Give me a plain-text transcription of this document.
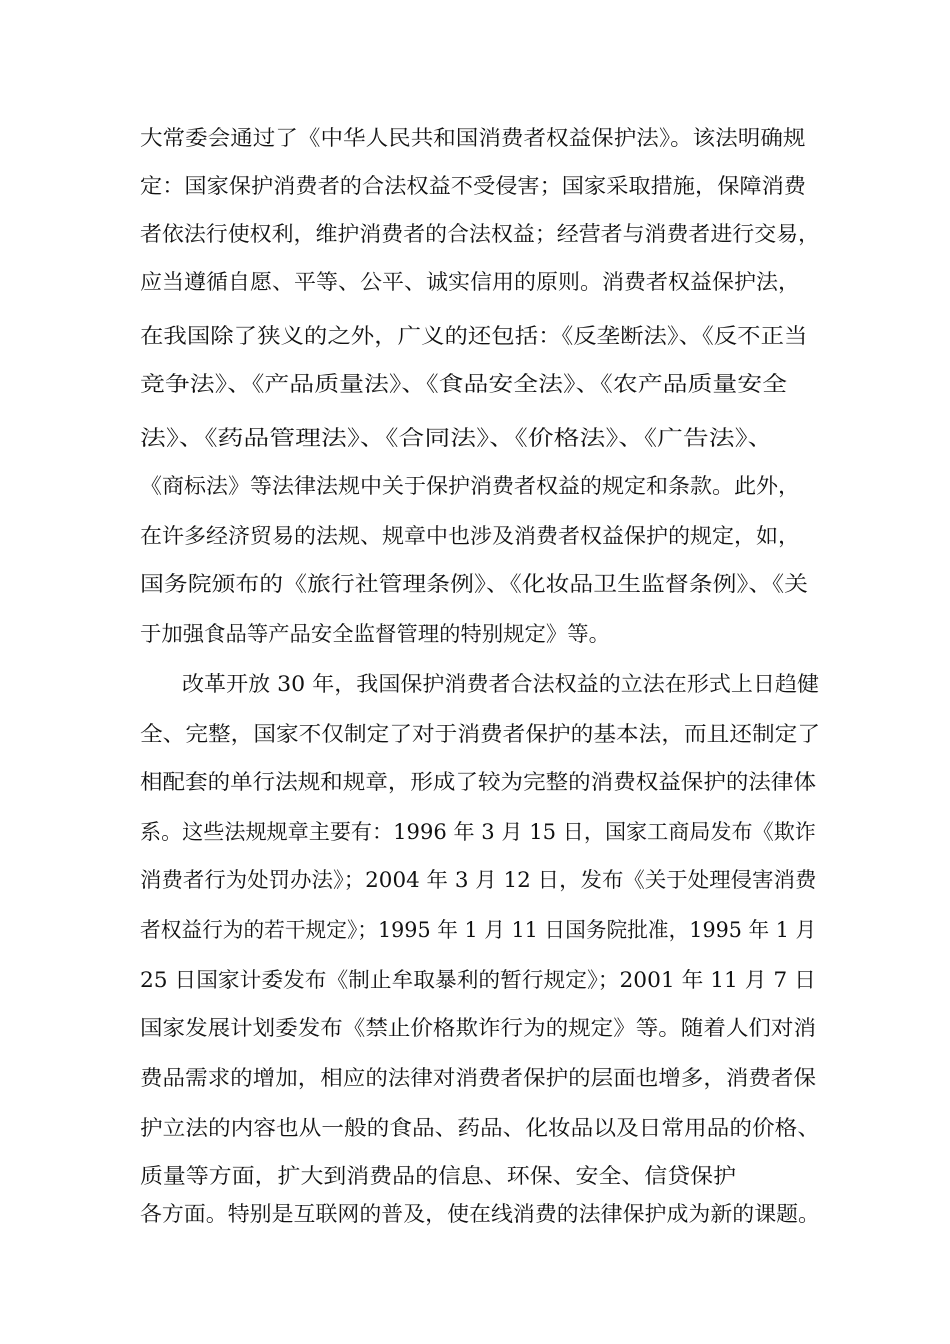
大常委会通过了《中华人民共和国消费者权益保护法》。该法明确规
定：国家保护消费者的合法权益不受侵害；国家采取措施，保障消费
者依法行使权利，维护消费者的合法权益；经营者与消费者进行交易，
应当遵循自愿、平等、公平、诚实信用的原则。消费者权益保护法，
在我国除了狭义的之外，广义的还包括：《反垄断法》、《反不正当
竞争法》、《产品质量法》、《食品安全法》、《农产品质量安全
法》、《药品管理法》、《合同法》、《价格法》、《广告法》、
《商标法》等法律法规中关于保护消费者权益的规定和条款。此外，
在许多经济贸易的法规、规章中也涉及消费者权益保护的规定，如，
国务院颁布的《旅行社管理条例》、《化妆品卫生监督条例》、《关
于加强食品等产品安全监督管理的特别规定》等。
改革开放 30 年，我国保护消费者合法权益的立法在形式上日趋健
全、完整，国家不仅制定了对于消费者保护的基本法，而且还制定了
相配套的单行法规和规章，形成了较为完整的消费权益保护的法律体
系。这些法规规章主要有：1996 年 3 月 15 日，国家工商局发布《欺诈
消费者行为处罚办法》；2004 年 3 月 12 日，发布《关于处理侵害消费
者权益行为的若干规定》；1995 年 1 月 11 日国务院批准，1995 年 1 月
25 日国家计委发布《制止牟取暴利的暂行规定》；2001 年 11 月 7 日
国家发展计划委发布《禁止价格欺诈行为的规定》等。随着人们对消
费品需求的增加，相应的法律对消费者保护的层面也增多，消费者保
护立法的内容也从一般的食品、药品、化妆品以及日常用品的价格、
质量等方面，扩大到消费品的信息、环保、安全、信贷保护
各方面。特别是互联网的普及，使在线消费的法律保护成为新的课题。
